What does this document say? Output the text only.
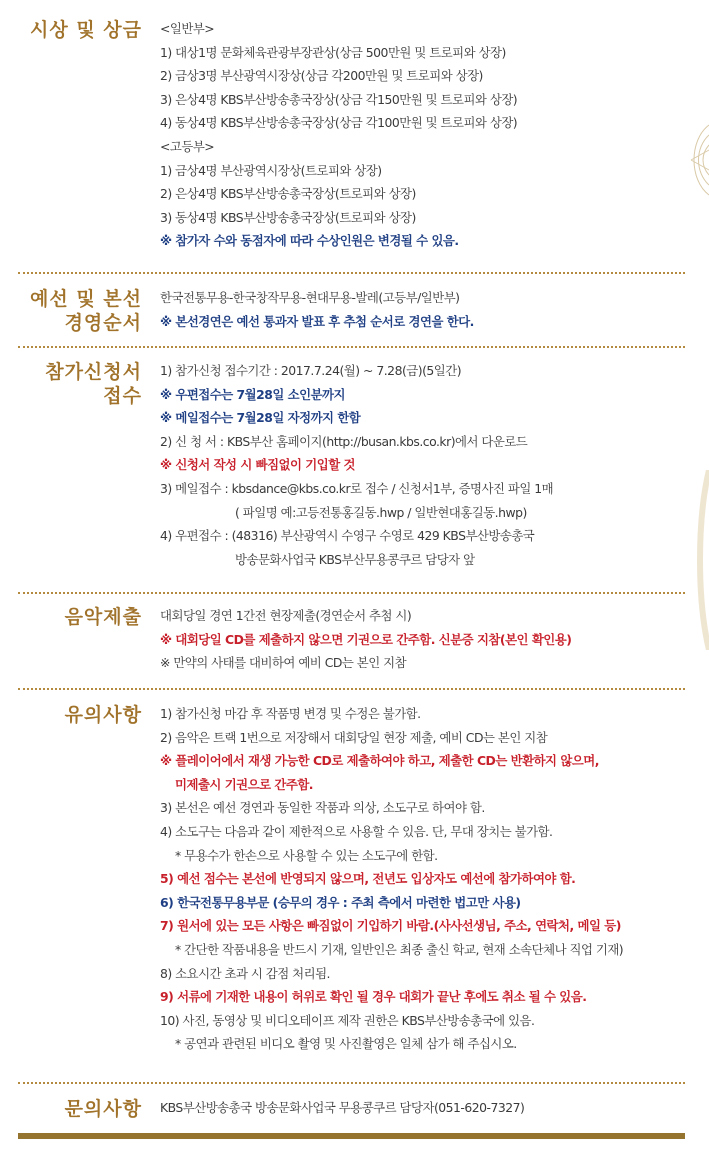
시상 및 상금 <일반부>
1) 대상1명 문화체육관광부장관상(상금 500만원 및 트로피와 상장)
2) 금상3명 부산광역시장상(상금 각200만원 및 트로피와 상장)
3) 은상4명 KBS부산방송총국장상(상금 각150만원 및 트로피와 상장)
4) 동상4명 KBS부산방송총국장상(상금 각100만원 및 트로피와 상장)
<고등부>
1) 금상4명 부산광역시장상(트로피와 상장)
2) 은상4명 KBS부산방송총국장상(트로피와 상장)
3) 동상4명 KBS부산방송총국장상(트로피와 상장)
※ 참가자 수와 동점자에 따라 수상인원은 변경될 수 있음.
예선 및 본선
경영순서
한국전통무용-한국창작무용-현대무용-발레(고등부/일반부)
※ 본선경연은 예선 통과자 발표 후 추첨 순서로 경연을 한다.
참가신청서
접수
1) 참가신청 접수기간 : 2017.7.24(월) ~ 7.28(금)(5일간)
※ 우편접수는 7월28일 소인분까지
※ 메일접수는 7월28일 자정까지 한함
2) 신 청 서 : KBS부산 홈페이지(http://busan.kbs.co.kr)에서 다운로드
※ 신청서 작성 시 빠짐없이 기입할 것
3) 메일접수 : kbsdance@kbs.co.kr로 접수 / 신청서1부, 증명사진 파일 1매
( 파일명 예:고등전통홍길동.hwp / 일반현대홍길동.hwp)
4) 우편접수 : (48316) 부산광역시 수영구 수영로 429 KBS부산방송총국
방송문화사업국 KBS부산무용콩쿠르 담당자 앞
음악제출 대회당일 경연 1간전 현장제출(경연순서 추첨 시)
※ 대회당일 CD를 제출하지 않으면 기권으로 간주함. 신분증 지참(본인 확인용)
※ 만약의 사태를 대비하여 예비 CD는 본인 지참
유의사항 1) 참가신청 마감 후 작품명 변경 및 수정은 불가함.
2) 음악은 트랙 1번으로 저장해서 대회당일 현장 제출, 예비 CD는 본인 지참
※ 플레이어에서 재생 가능한 CD로 제출하여야 하고, 제출한 CD는 반환하지 않으며,
미제출시 기권으로 간주함.
3) 본선은 예선 경연과 동일한 작품과 의상, 소도구로 하여야 함.
4) 소도구는 다음과 같이 제한적으로 사용할 수 있음. 단, 무대 장치는 불가함.
* 무용수가 한손으로 사용할 수 있는 소도구에 한함.
5) 예선 점수는 본선에 반영되지 않으며, 전년도 입상자도 예선에 참가하여야 함.
6) 한국전통무용부문 (승무의 경우 : 주최 측에서 마련한 법고만 사용)
7) 원서에 있는 모든 사항은 빠짐없이 기입하기 바람.(사사선생님, 주소, 연락처, 메일 등)
* 간단한 작품내용을 반드시 기재, 일반인은 최종 출신 학교, 현재 소속단체나 직업 기재)
8) 소요시간 초과 시 감점 처리됨.
9) 서류에 기재한 내용이 허위로 확인 될 경우 대회가 끝난 후에도 취소 될 수 있음.
10) 사진, 동영상 및 비디오테이프 제작 권한은 KBS부산방송총국에 있음.
* 공연과 관련된 비디오 촬영 및 사진촬영은 일체 삼가 해 주십시오.
문의사항 KBS부산방송총국 방송문화사업국 무용콩쿠르 담당자(051-620-7327)
